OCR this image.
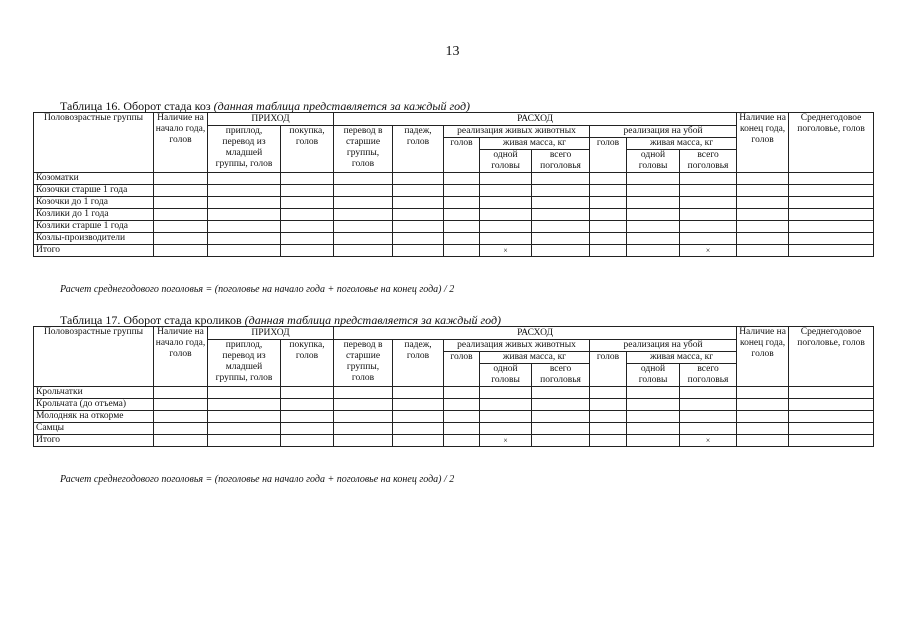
13
Таблица 16. Оборот стада коз (данная таблица представляется за каждый год)
Половозрастные группы	Наличие на начало года, голов	ПРИХОД		РАСХОД								Наличие на конец года, голов	Среднегодовое поголовье, голов	
		приплод, перевод из младшей группы, голов	покупка, голов	перевод в старшие группы, голов	падеж, голов	реализация живых животных			реализация на убой					
						голов	живая масса, кг		голов	живая масса, кг				
							одной головы	всего поголовья		одной головы	всего поголовья			
Козоматки														
Козочки старше 1 года														
Козочки до 1 года														
Козлики до 1 года														
Козлики старше 1 года														
Козлы-производители														
Итого							×				×			
Расчет среднегодового поголовья = (поголовье на начало года + поголовье на конец года) / 2
Таблица 17. Оборот стада кроликов (данная таблица представляется за каждый год)
Половозрастные группы	Наличие на начало года, голов	ПРИХОД		РАСХОД								Наличие на конец года, голов	Среднегодовое поголовье, голов	
		приплод, перевод из младшей группы, голов	покупка, голов	перевод в старшие группы, голов	падеж, голов	реализация живых животных			реализация на убой					
						голов	живая масса, кг		голов	живая масса, кг				
							одной головы	всего поголовья		одной головы	всего поголовья			
Крольчатки														
Крольчата (до отъема)														
Молодняк на откорме														
Самцы														
Итого							×				×			
Расчет среднегодового поголовья = (поголовье на начало года + поголовье на конец года) / 2
